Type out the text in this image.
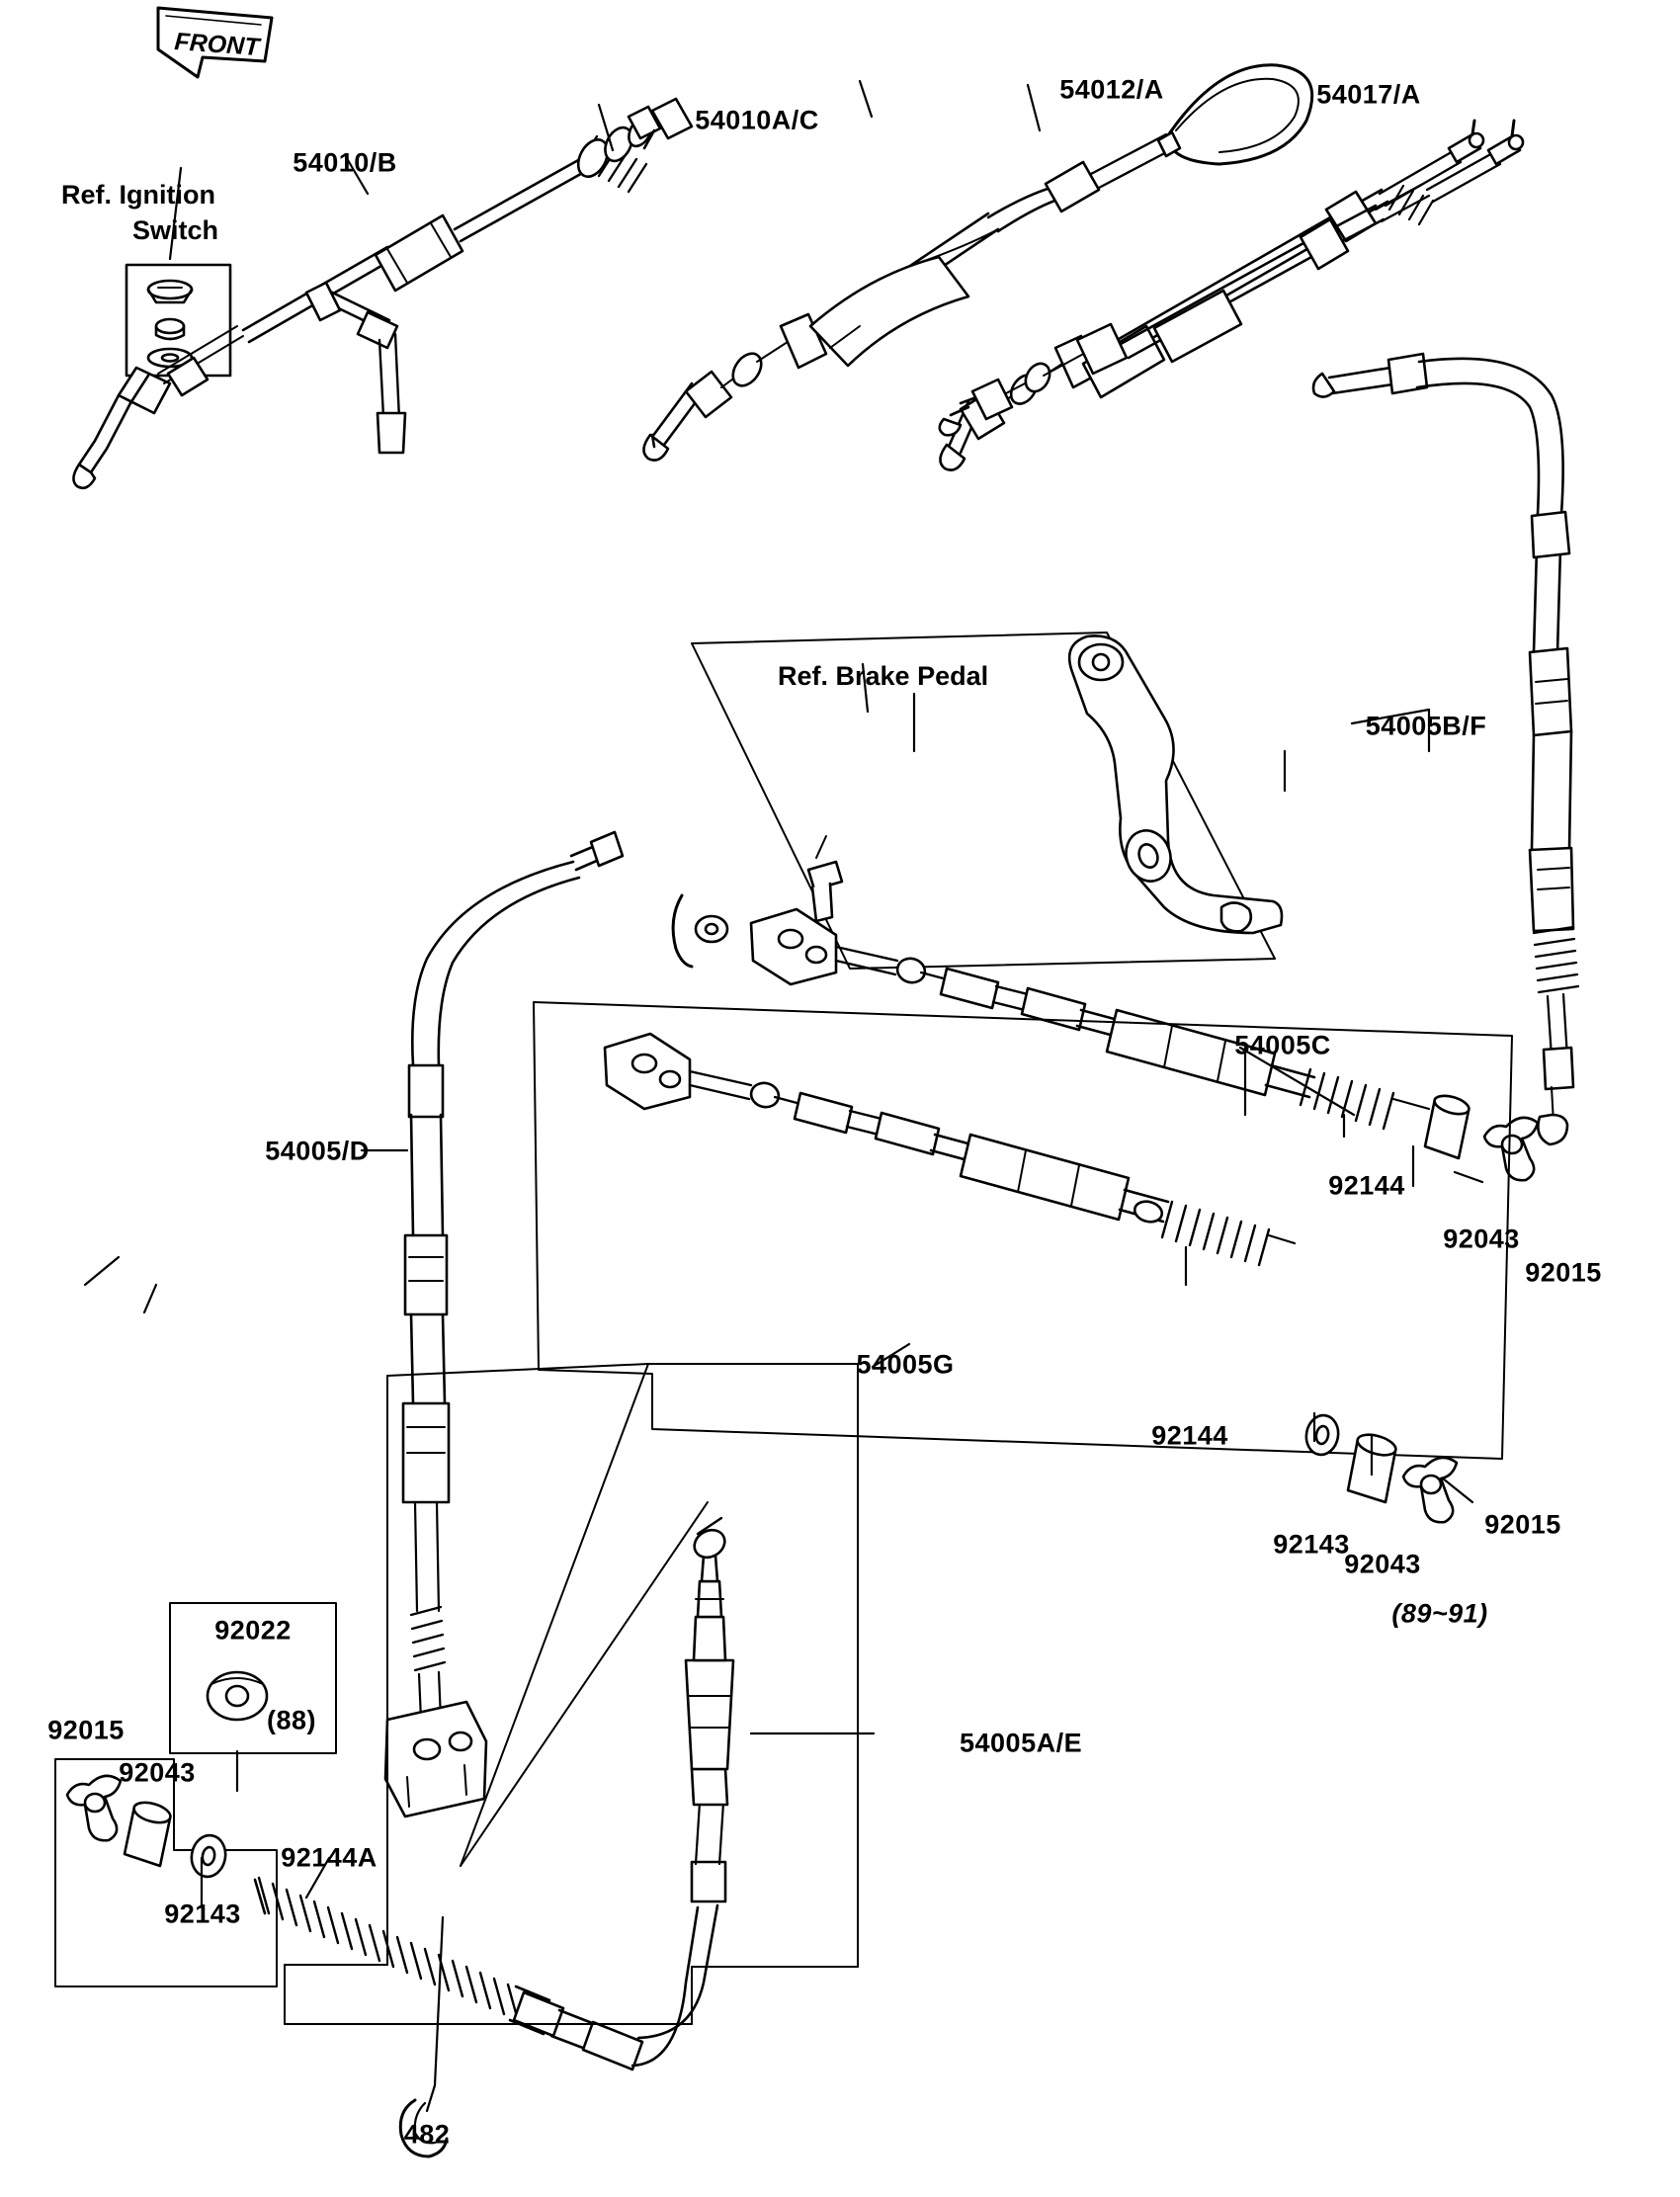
FRONT
Ref. Ignition
Switch
Ref. Brake Pedal
54010/B
54010A/C
54012/A	54017/A
54005B/F
54005C
54005/D
54005G
54005A/E
92144
92043
92015
92144
92143
92043
92015
(89~91)
92022
(88)
92015
92043
92143
92144A
482
